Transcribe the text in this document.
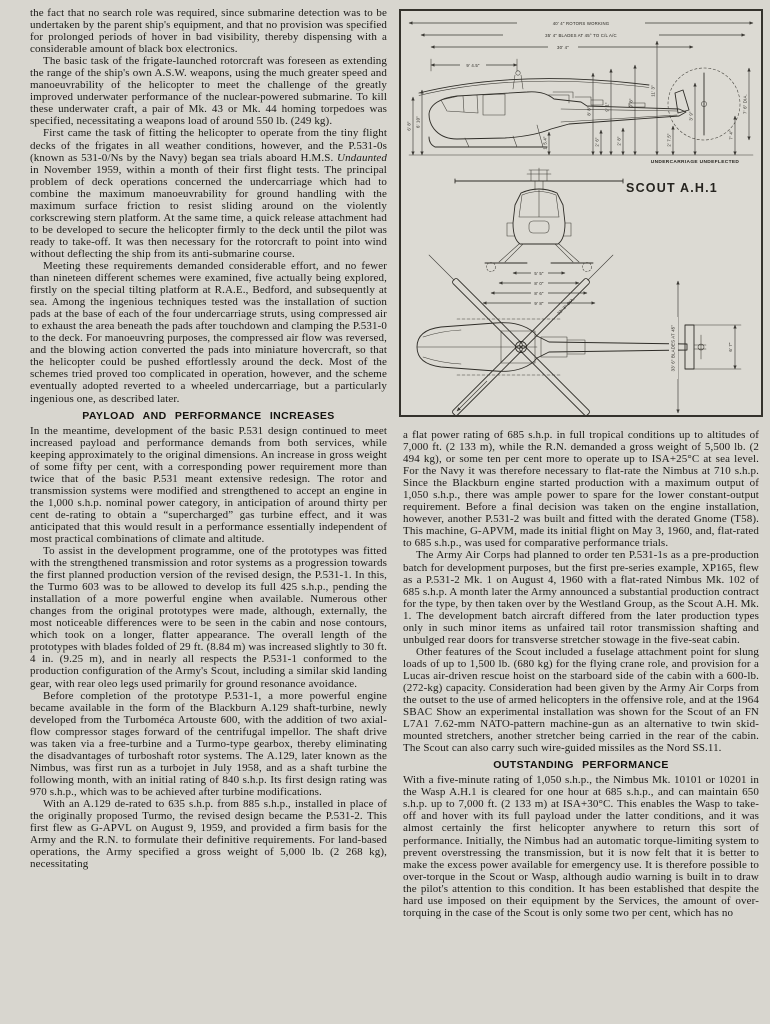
the fact that no search role was required, since submarine detection was to be undertaken by the parent ship's equipment, and that no provision was specified for prolonged periods of hover in bad visibility, thereby dispensing with a considerable amount of black box electronics.

The basic task of the frigate-launched rotorcraft was foreseen as extending the range of the ship's own A.S.W. weapons, using the much greater speed and manoeuvrability of the helicopter to meet the challenge of the greatly improved underwater performance of the nuclear-powered submarine. To kill these underwater craft, a pair of Mk. 43 or Mk. 44 homing torpedoes was specified, necessitating a weapons load of around 550 lb. (249 kg).

First came the task of fitting the helicopter to operate from the tiny flight decks of the frigates in all weather conditions, however, and the P.531-0s (known as 531-0/Ns by the Navy) began sea trials aboard H.M.S. Undaunted in November 1959, within a month of their first flight tests. The principal problem of deck operations concerned the undercarriage which had to combine the maximum manoeuvrability for ground handling with the maximum surface friction to resist sliding around on the violently corkscrewing stern platform. At the same time, a quick release attachment had to be developed to secure the helicopter firmly to the deck until the pilot was ready to take-off. It was then necessary for the rotorcraft to point into wind without deflecting the ship from its anti-submarine course.

Meeting these requirements demanded considerable effort, and no fewer than nineteen different schemes were examined, five actually being explored, firstly on the special tilting platform at R.A.E., Bedford, and subsequently at sea. Among the ingenious techniques tested was the installation of suction pads at the base of each of the four undercarriage struts, using compressed air to exhaust the area beneath the pads after touchdown and clamping the P.531-0 to the deck. For manoeuvring purposes, the compressed air flow was reversed, and the blowing action converted the pads into miniature hovercraft, so that the helicopter could be pushed effortlessly around the deck. Most of the schemes tried proved too complicated in operation, however, and the scheme eventually adopted reverted to a wheeled undercarriage, but a particularly ingenious one, as described later.

PAYLOAD AND PERFORMANCE INCREASES

In the meantime, development of the basic P.531 design continued to meet increased payload and performance demands from both services, while keeping approximately to the original dimensions. An increase in gross weight of some fifty per cent, with a corresponding power requirement more than twice that of the basic P.531 meant extensive redesign. The rotor and transmission systems were modified and strengthened to accept an engine in the 1,000 s.h.p. nominal power category, in anticipation of around thirty per cent de-rating to obtain a “supercharged” gas turbine effect, and it was anticipated that this would result in a performance essentially independent of most practical combinations of climate and altitude.

To assist in the development programme, one of the prototypes was fitted with the strengthened transmission and rotor systems as a progression towards the first planned production version of the revised design, the P.531-1. In this, the Turmo 603 was to be allowed to develop its full 425 s.h.p., pending the installation of a more powerful engine when available. Numerous other changes from the original prototypes were made, although, externally, the most noticeable differences were to be seen in the cabin and nose contours, which took on a longer, flatter appearance. The overall length of the prototypes with blades folded of 29 ft. (8.84 m) was increased slightly to 30 ft. 4 in. (9.25 m), and in nearly all respects the P.531-1 conformed to the production configuration of the Army's Scout, including a similar skid landing gear, with rear oleo legs used primarily for ground resonance avoidance.

Before completion of the prototype P.531-1, a more powerful engine became available in the form of the Blackburn A.129 shaft-turbine, newly developed from the Turboméca Artouste 600, with the addition of two axial-flow compressor stages forward of the centrifugal impellor. The shaft drive was taken via a free-turbine and a Turmo-type gearbox, thereby eliminating the disadvantages of turboshaft rotor systems. The A.129, later known as the Nimbus, was first run as a turbojet in July 1958, and as a shaft turbine the following month, with an initial rating of 840 s.h.p. Its first design rating was 970 s.h.p., which was to be achieved after turbine modifications.

With an A.129 de-rated to 635 s.h.p. from 885 s.h.p., installed in place of the originally proposed Turmo, the revised design became the P.531-2. This first flew as G-APVL on August 9, 1959, and provided a firm basis for the Army and the R.N. to formulate their definitive requirements. For land-based operations, the Army specified a gross weight of 5,000 lb. (2 268 kg), necessitating

40' 4" ROTORS WORKING
35' 4" BLADES AT 45° TO C/L A/C
30' 4"
9' 4.5"
6' 8" 6' 10"
1' 5.4"	2' 6"	2' 8"
8' 8"	9' 1"	9' 8"
11' 3"
2' 7.5"
3' 9"
7' 4"
7' 6" DIA.
UNDERCARRIAGE UNDEFLECTED
SCOUT A.H.1
5' 5"
8' 0"
8' 6"
9' 8"	32' 3" DIA.
33' 6" BLADES AT 45°	6' 7"

a flat power rating of 685 s.h.p. in full tropical conditions up to altitudes of 7,000 ft. (2 133 m), while the R.N. demanded a gross weight of 5,500 lb. (2 494 kg), or some ten per cent more to operate up to ISA+25°C at sea level. For the Navy it was therefore necessary to flat-rate the Nimbus at 710 s.h.p. Since the Blackburn engine started production with a maximum output of 1,050 s.h.p., there was ample power to spare for the lower constant-output requirement. Before a final decision was taken on the engine installation, however, another P.531-2 was built and fitted with the derated Gnome (T58). This machine, G-APVM, made its initial flight on May 3, 1960, and, flat-rated to 685 s.h.p., was used for comparative performance trials.

The Army Air Corps had planned to order ten P.531-1s as a pre-production batch for development purposes, but the first pre-series example, XP165, flew as a P.531-2 Mk. 1 on August 4, 1960 with a flat-rated Nimbus Mk. 102 of 685 s.h.p. A month later the Army announced a substantial production contract for the type, by then taken over by the Westland Group, as the Scout A.H. Mk. 1. The development batch aircraft differed from the later production types only in such minor items as unfaired tail rotor transmission shafting and unbulged rear doors for transverse stretcher stowage in the five-seat cabin.

Other features of the Scout included a fuselage attachment point for slung loads of up to 1,500 lb. (680 kg) for the flying crane role, and provision for a Lucas air-driven rescue hoist on the starboard side of the cabin with a 600-lb. (272-kg) capacity. Consideration had been given by the Army Air Corps from the outset to the use of armed helicopters in the offensive role, and at the 1964 SBAC Show an experimental installation was shown for the Scout of an FN L7A1 7.62-mm NATO-pattern machine-gun as an alternative to twin skid-mounted stretchers, another stretcher being carried in the rear of the cabin. The Scout can also carry such wire-guided missiles as the Nord SS.11.

OUTSTANDING PERFORMANCE

With a five-minute rating of 1,050 s.h.p., the Nimbus Mk. 10101 or 10201 in the Wasp A.H.1 is cleared for one hour at 685 s.h.p., and can maintain 650 s.h.p. up to 7,000 ft. (2 133 m) at ISA+30°C. This enables the Wasp to take-off and hover with its full payload under the latter conditions, and it was almost certainly the first helicopter anywhere to return this sort of performance. Initially, the Nimbus had an automatic torque-limiting system to prevent overstressing the transmission, but it is now felt that it is better to make the excess power available for emergency use. It is therefore possible to over-torque in the Scout or Wasp, although audio warning is built in to draw the pilot's attention to this condition. It has been established that despite the hard use imposed on their equipment by the Services, the amount of over-torquing in the case of the Scout is only some two per cent, which has no
